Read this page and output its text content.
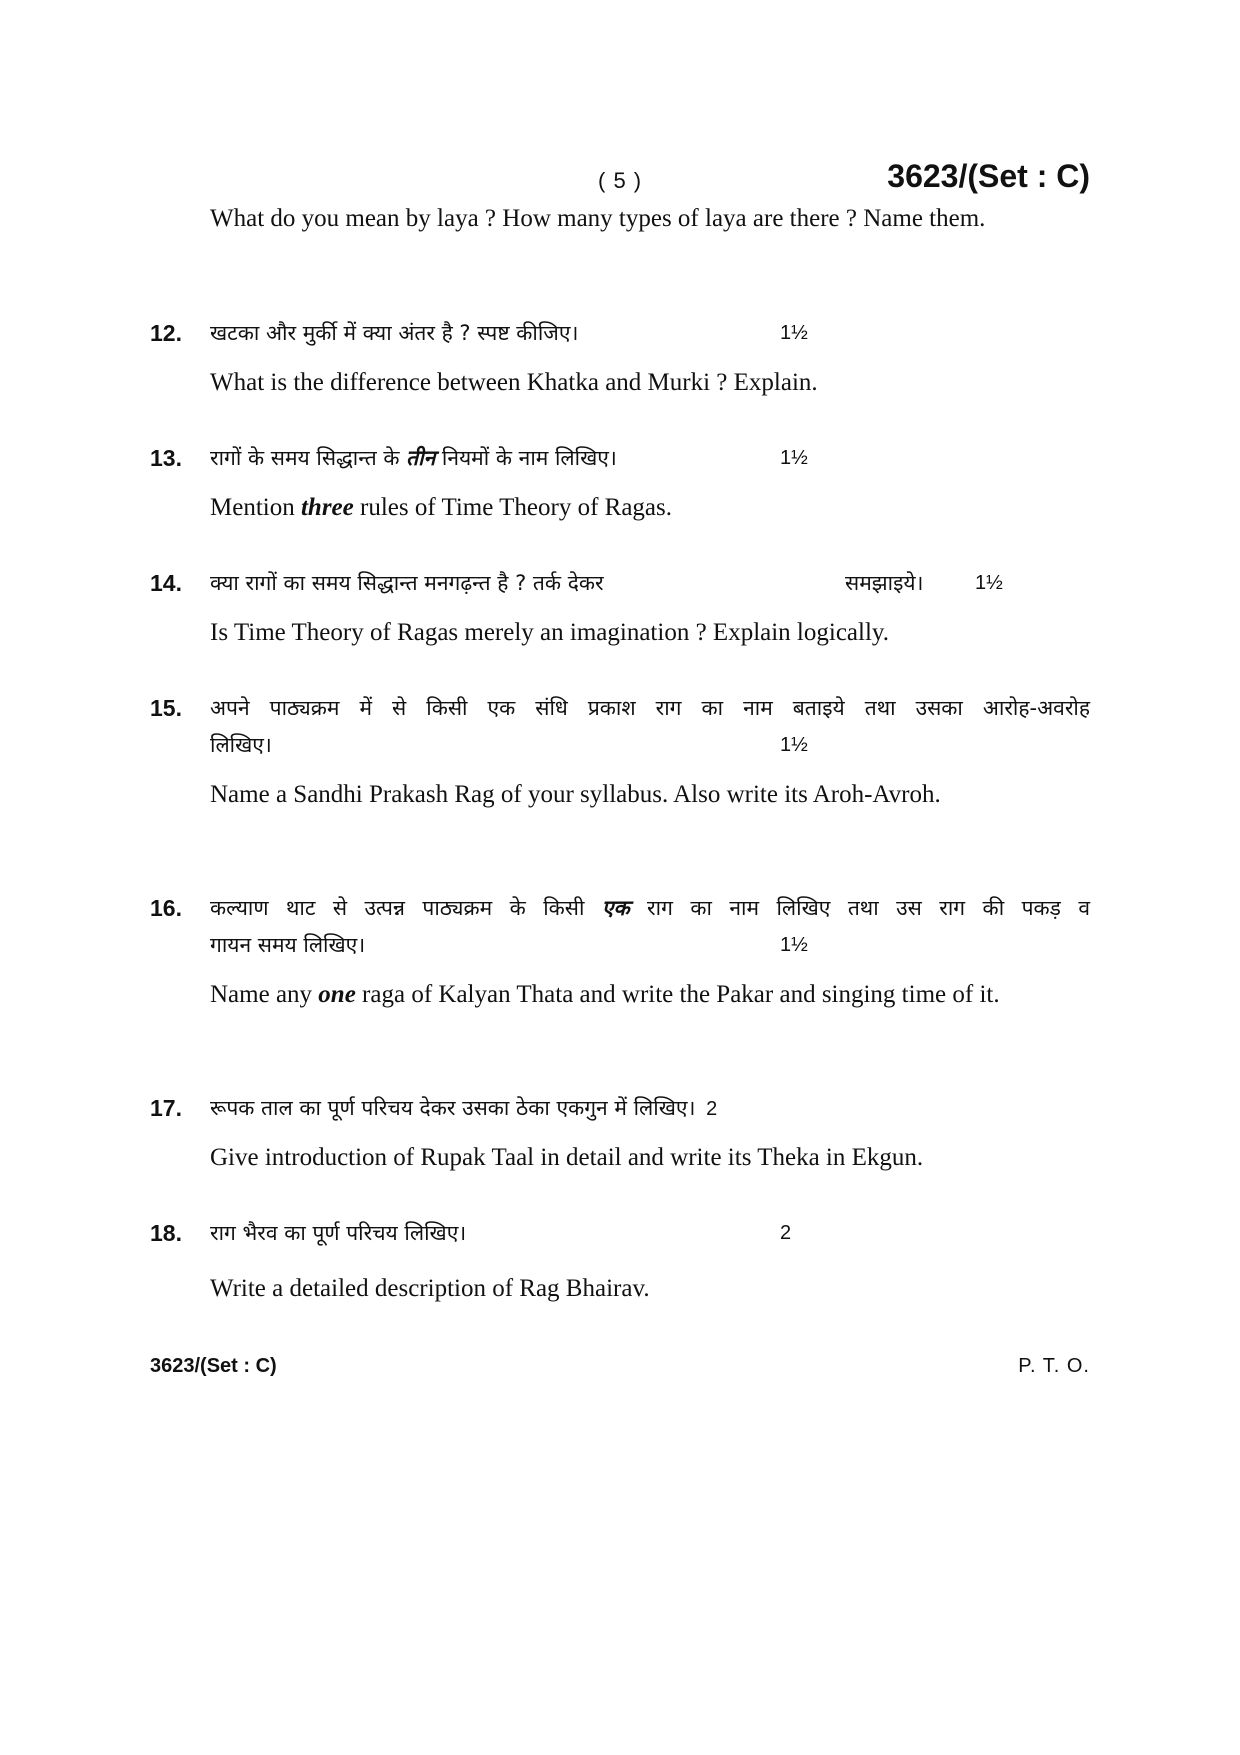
( 5 )	3623/(Set : C)
What do you mean by laya ? How many types of laya are there ? Name them.
12. खटका और मुर्की में क्या अंतर है ? स्पष्ट कीजिए।	1½
What is the difference between Khatka and Murki ? Explain.
13. रागों के समय सिद्धान्त के तीन नियमों के नाम लिखिए।	1½
Mention three rules of Time Theory of Ragas.
14. क्या रागों का समय सिद्धान्त मनगढ़न्त है ? तर्क देकर	समझाइये।	1½
Is Time Theory of Ragas merely an imagination ? Explain logically.
15. अपने पाठ्यक्रम में से किसी एक संधि प्रकाश राग का नाम बताइये तथा उसका आरोह-अवरोह
लिखिए।	1½
Name a Sandhi Prakash Rag of your syllabus. Also write its Aroh-Avroh.
16. कल्याण थाट से उत्पन्न पाठ्यक्रम के किसी एक राग का नाम लिखिए तथा उस राग की पकड़ व
गायन समय लिखिए।	1½
Name any one raga of Kalyan Thata and write the Pakar and singing time of it.
17. रूपक ताल का पूर्ण परिचय देकर उसका ठेका एकगुन में लिखिए। 2
Give introduction of Rupak Taal in detail and write its Theka in Ekgun.
18. राग भैरव का पूर्ण परिचय लिखिए।	2
Write a detailed description of Rag Bhairav.
3623/(Set : C)	P. T. O.
